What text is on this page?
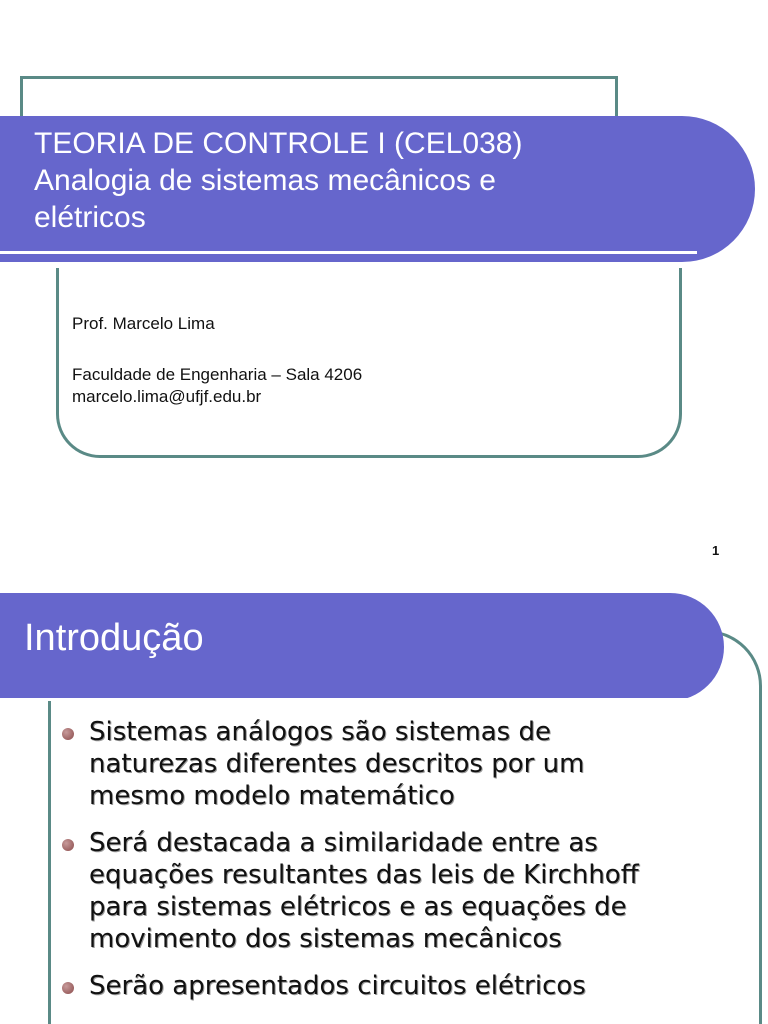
TEORIA DE CONTROLE I (CEL038)
Analogia de sistemas mecânicos e
elétricos
Prof. Marcelo Lima
Faculdade de Engenharia – Sala 4206
marcelo.lima@ufjf.edu.br
1
Introdução
Sistemas análogos são sistemas de
naturezas diferentes descritos por um
mesmo modelo matemático
Será destacada a similaridade entre as
equações resultantes das leis de Kirchhoff
para sistemas elétricos e as equações de
movimento dos sistemas mecânicos
Serão apresentados circuitos elétricos
